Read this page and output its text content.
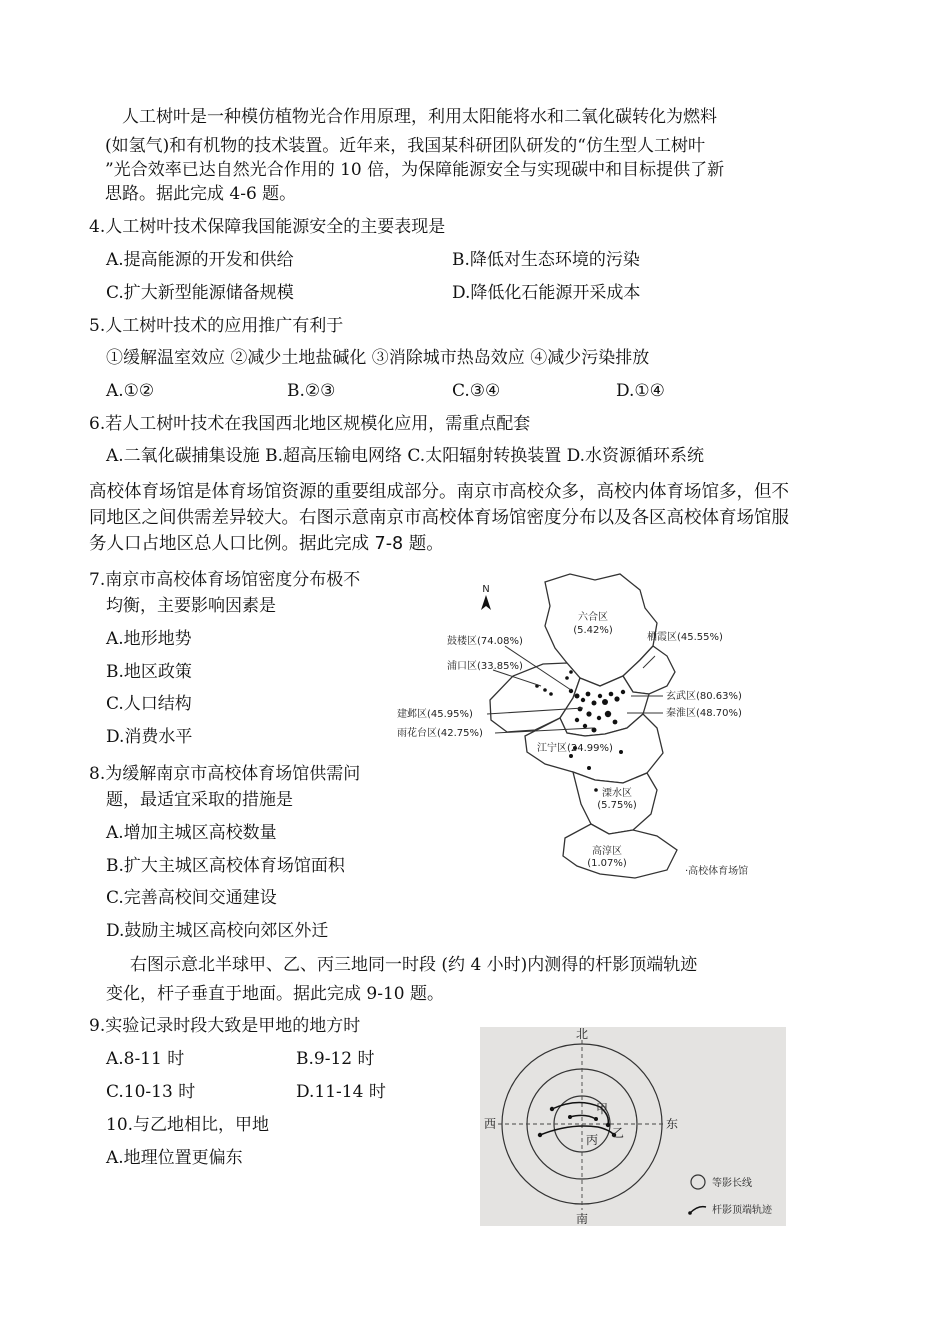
人工树叶是一种模仿植物光合作用原理，利用太阳能将水和二氧化碳转化为燃料
(如氢气)和有机物的技术装置。近年来，我国某科研团队研发的“仿生型人工树叶
”光合效率已达自然光合作用的 10 倍，为保障能源安全与实现碳中和目标提供了新
思路。据此完成 4-6 题。
4.人工树叶技术保障我国能源安全的主要表现是
A.提高能源的开发和供给	B.降低对生态环境的污染
C.扩大新型能源储备规模	D.降低化石能源开采成本
5.人工树叶技术的应用推广有利于
①缓解温室效应 ②减少土地盐碱化 ③消除城市热岛效应 ④减少污染排放
A.①②	B.②③	C.③④	D.①④
6.若人工树叶技术在我国西北地区规模化应用，需重点配套
A.二氧化碳捕集设施 B.超高压输电网络 C.太阳辐射转换装置 D.水资源循环系统
高校体育场馆是体育场馆资源的重要组成部分。南京市高校众多，高校内体育场馆多，但不
同地区之间供需差异较大。右图示意南京市高校体育场馆密度分布以及各区高校体育场馆服
务人口占地区总人口比例。据此完成 7-8 题。
7.南京市高校体育场馆密度分布极不
均衡，主要影响因素是
A.地形地势
B.地区政策
C.人口结构
D.消费水平
8.为缓解南京市高校体育场馆供需问
题，最适宜采取的措施是
A.增加主城区高校数量
B.扩大主城区高校体育场馆面积
C.完善高校间交通建设
D.鼓励主城区高校向郊区外迁
N
六合区
(5.42%)
栖霞区(45.55%)
鼓楼区(74.08%)
浦口区(33.85%)
玄武区(80.63%)
秦淮区(48.70%)
建邺区(45.95%)
雨花台区(42.75%)
江宁区(24.99%)
溧水区
(5.75%)
高淳区
(1.07%)
·高校体育场馆
右图示意北半球甲、乙、丙三地同一时段 (约 4 小时)内测得的杆影顶端轨迹
变化，杆子垂直于地面。据此完成 9-10 题。
9.实验记录时段大致是甲地的地方时
A.8-11 时	B.9-12 时
C.10-13 时	D.11-14 时
10.与乙地相比，甲地
A.地理位置更偏东
北
南
东
西
甲
乙
丙
等影长线
杆影顶端轨迹
